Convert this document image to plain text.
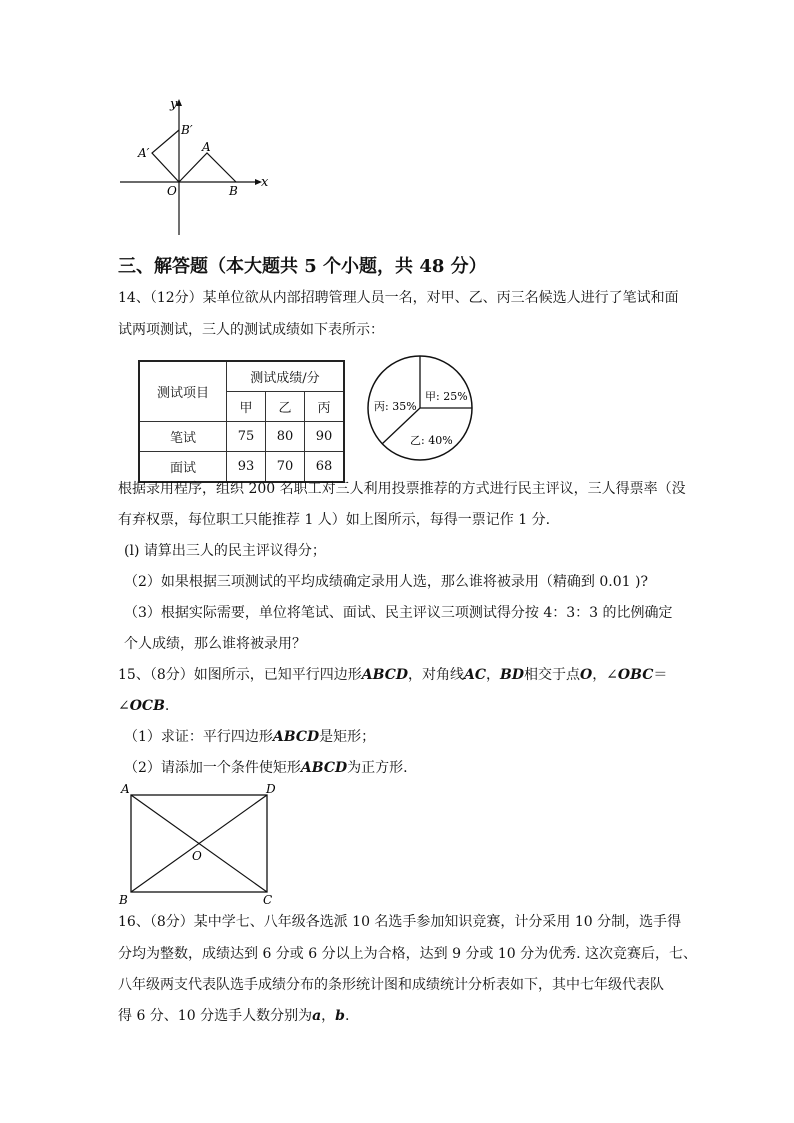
y
x
B′
A′	A
O	B
三、解答题（本大题共 5 个小题，共 48 分）
14、（12分）某单位欲从内部招聘管理人员一名，对甲、乙、丙三名候选人进行了笔试和面
试两项测试，三人的测试成绩如下表所示：
测试项目	测试成绩/分		
	甲	乙	丙
笔试	75	80	90
面试	93	70	68
甲: 25%
乙: 40%
丙: 35%
根据录用程序，组织 200 名职工对三人利用投票推荐的方式进行民主评议，三人得票率（没
有弃权票，每位职工只能推荐 1 人）如上图所示，每得一票记作 1 分.
(l) 请算出三人的民主评议得分；
（2）如果根据三项测试的平均成绩确定录用人选，那么谁将被录用（精确到 0.01 )?
（3）根据实际需要，单位将笔试、面试、民主评议三项测试得分按 4：3：3 的比例确定
个人成绩，那么谁将被录用？
15、（8分）如图所示，已知平行四边形ABCD，对角线AC，BD相交于点O，∠OBC＝
∠OCB.
（1）求证：平行四边形ABCD是矩形；
（2）请添加一个条件使矩形ABCD为正方形.
A	D
O
B	C
16、（8分）某中学七、八年级各选派 10 名选手参加知识竞赛，计分采用 10 分制，选手得
分均为整数，成绩达到 6 分或 6 分以上为合格，达到 9 分或 10 分为优秀. 这次竞赛后，七、
八年级两支代表队选手成绩分布的条形统计图和成绩统计分析表如下，其中七年级代表队
得 6 分、10 分选手人数分别为a，b.
